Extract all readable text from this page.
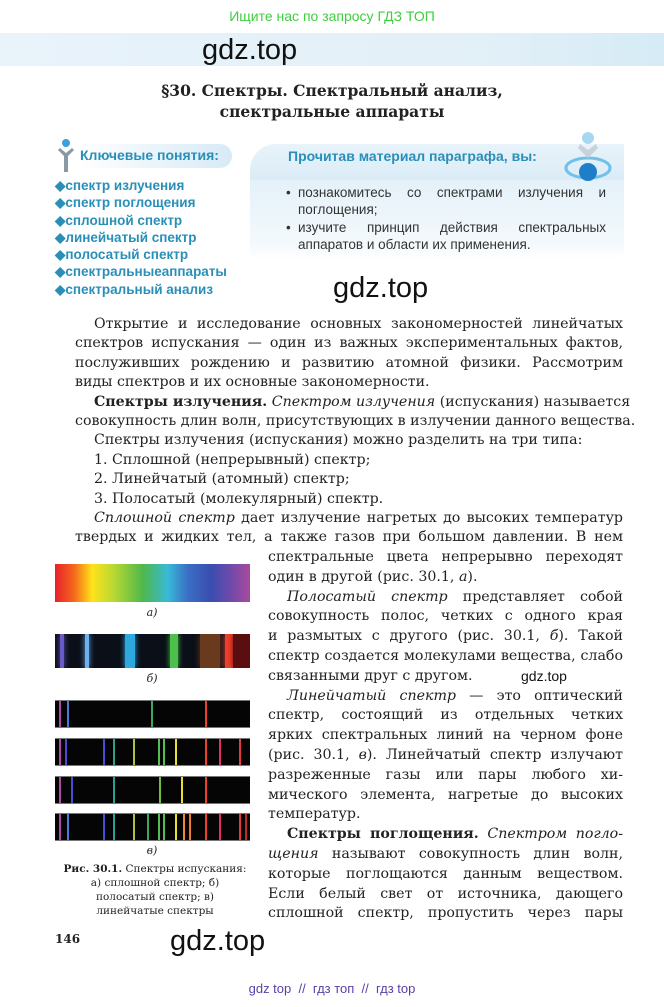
Ищите нас по запросу ГДЗ ТОП
gdz.top
§30. Спектры. Спектральный анализ,
спектральные аппараты
Ключевые понятия:
◆спектр излучения
◆спектр поглощения
◆сплошной спектр
◆линейчатый спектр
◆полосатый спектр
◆спектральныеаппараты
◆спектральный анализ
Прочитав материал параграфа, вы:
• познакомитесь со спектрами излучения и поглощения;
• изучите принцип действия спектральных аппаратов и области их применения.
gdz.top
Открытие и исследование основных закономерностей линейчатых
спектров испускания — один из важных экспериментальных фактов,
послуживших рождению и развитию атомной физики. Рассмотрим
виды спектров и их основные закономерности.
Спектры излучения. Спектром излучения (испускания) называется
совокупность длин волн, присутствующих в излучении данного вещества.
Спектры излучения (испускания) можно разделить на три типа:
1. Сплошной (непрерывный) спектр;
2. Линейчатый (атомный) спектр;
3. Полосатый (молекулярный) спектр.
Сплошной спектр дает излучение нагретых до высоких температур
твердых и жидких тел, а также газов при большом давлении. В нем
спектральные цвета непрерывно переходят
один в другой (рис. 30.1, а).
Полосатый спектр представляет собой
совокупность полос, четких с одного края
и размытых с другого (рис. 30.1, б). Такой
спектр создается молекулами вещества, слабо
связанными друг с другом.
Линейчатый спектр — это оптический
спектр, состоящий из отдельных четких
ярких спектральных линий на черном фоне
(рис. 30.1, в). Линейчатый спектр излучают
разреженные газы или пары любого хи-
мического элемента, нагретые до высоких
температур.
Спектры поглощения. Спектром погло-
щения называют совокупность длин волн,
которые поглощаются данным веществом.
Если белый свет от источника, дающего
сплошной спектр, пропустить через пары
gdz.top
а)
б)
в)
Рис. 30.1. Спектры испускания:
а) сплошной спектр; б) полосатый спектр; в) линейчатые спектры
146	gdz.top
gdz top  //  гдз топ  //  гдз top
